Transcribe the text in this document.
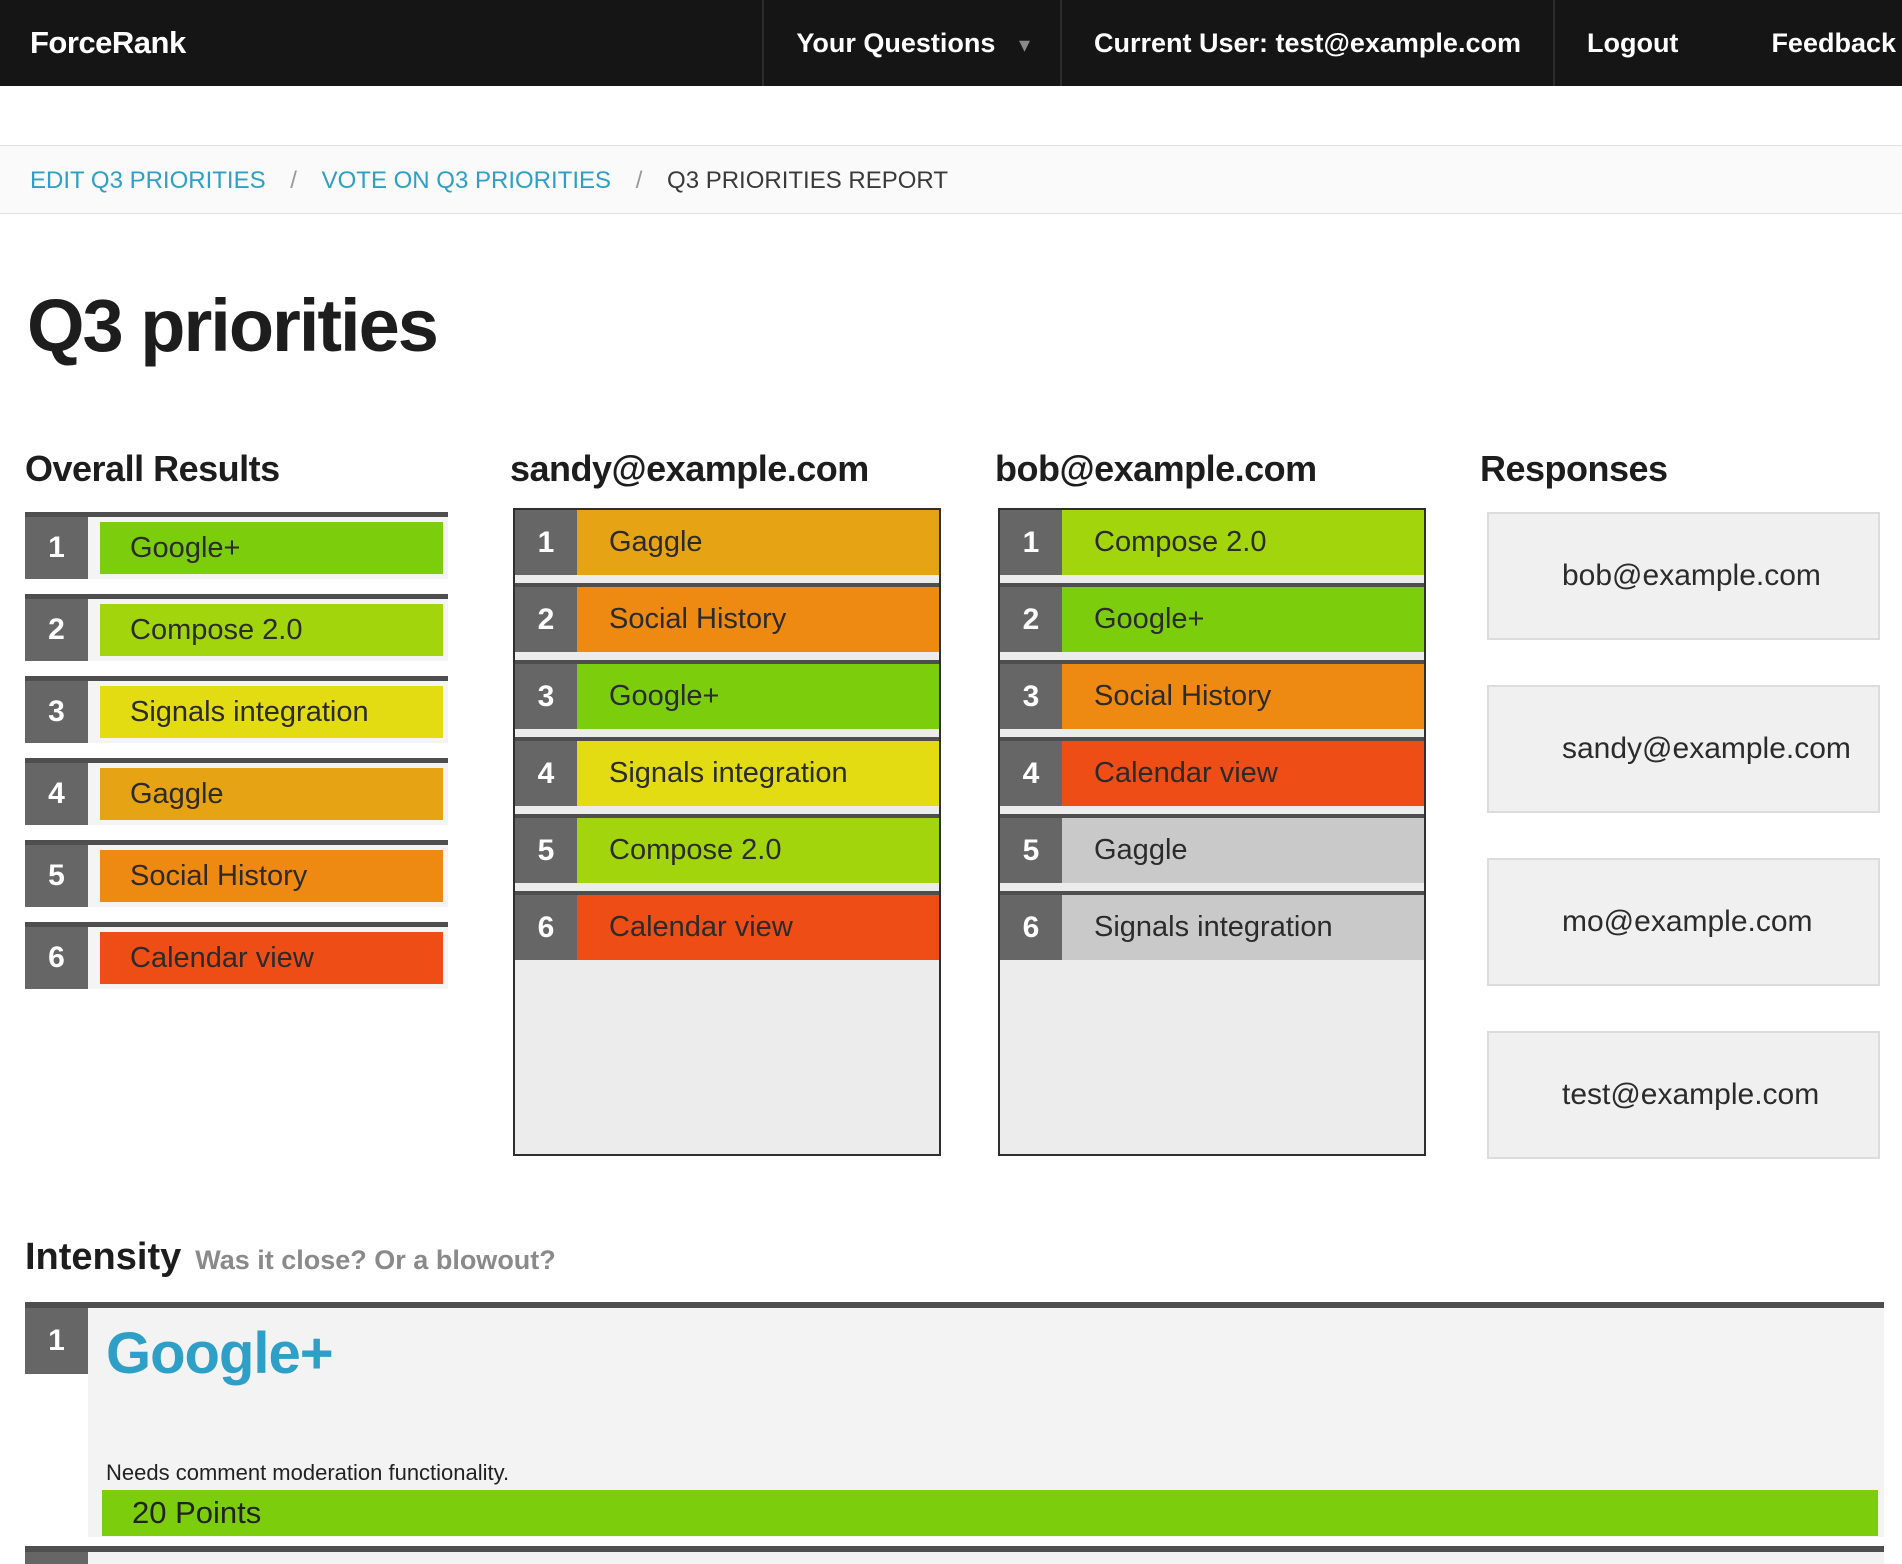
ForceRank	Your Questions ▾	Current User: test@example.com	Logout	Feedback
EDIT Q3 PRIORITIES / VOTE ON Q3 PRIORITIES / Q3 PRIORITIES REPORT
Q3 priorities
Overall Results	sandy@example.com	bob@example.com	Responses
1	Google+
2	Compose 2.0
3	Signals integration
4	Gaggle
5	Social History
6	Calendar view
1	Gaggle
2	Social History
3	Google+
4	Signals integration
5	Compose 2.0
6	Calendar view
1	Compose 2.0
2	Google+
3	Social History
4	Calendar view
5	Gaggle
6	Signals integration
bob@example.com
sandy@example.com
mo@example.com
test@example.com
Intensity Was it close? Or a blowout?
1 Google+
Needs comment moderation functionality.
20 Points
